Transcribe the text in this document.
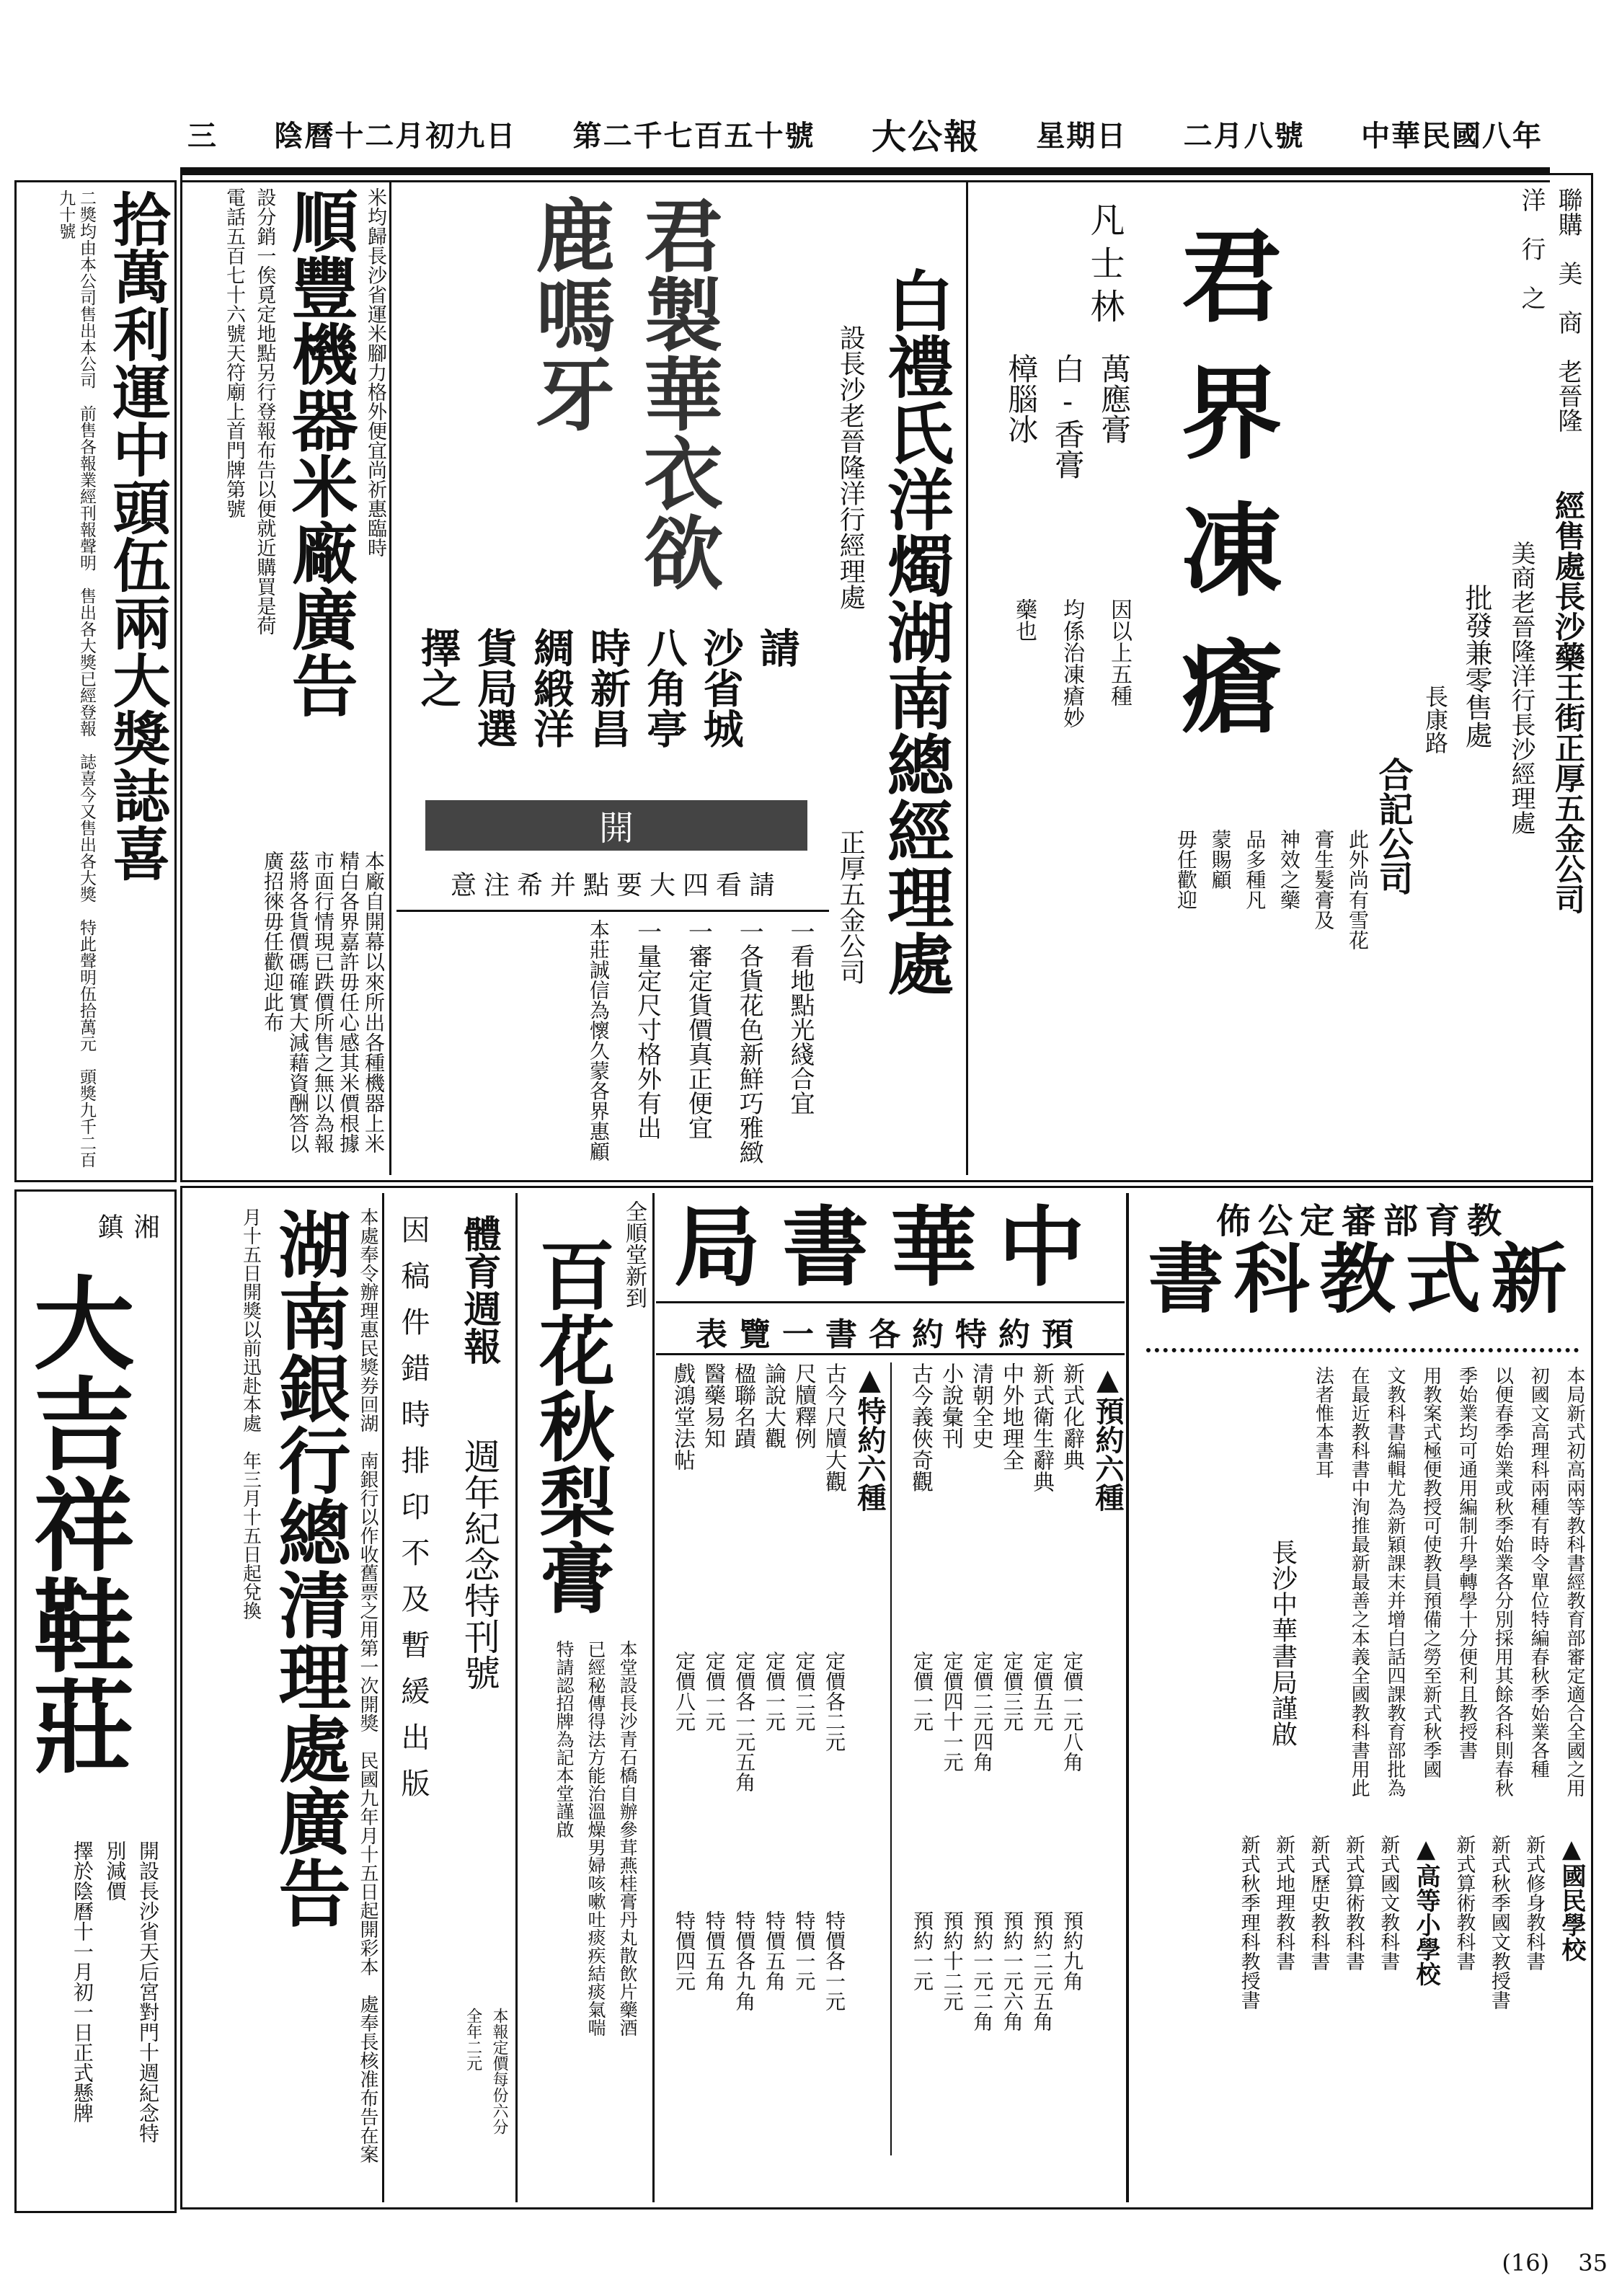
中華民國八年
二月八號
星期日
大公報
第二千七百五十號
陰曆十二月初九日
三
拾萬利運中頭伍兩大獎誌喜
二獎均由本公司售出本公司　前售各報業經刊報聲明　售出各大獎已經登報　誌喜今又售出各大獎　特此聲明伍拾萬元　頭獎九千二百九十號
湘
鎮
大吉祥鞋莊
開設長沙省天后宮對門十週紀念特
別減價
擇於陰曆十一月初一日正式懸牌
米均歸長沙省運米腳力格外便宜尚祈惠臨時
順豐機器米廠廣告
設分銷一俟覓定地點另行登報布告以便就近購買是荷
電話五百七十六號天符廟上首門牌第號
本廠自開幕以來所出各種機器上米精白各界嘉許毋任心感其米價根據市面行情現已跌價所售之無以為報茲將各貨價碼確實大減藉資酬答以廣招徠毋任歡迎此布
君製華衣欲
鹿嗎牙
請
沙省城
八角亭
時新昌
綢緞洋
貨局選
擇之
開
請看四大要點并希注意
一看地點光綫合宜
一各貨花色新鮮巧雅緻
一審定貨價真正便宜
一量定尺寸格外有出
本莊誠信為懷久蒙各界惠顧
白禮氏洋燭湖南總經理處
設長沙老晉隆洋行經理處
正厚五金公司
凡士林
萬應膏
白-香膏
樟腦冰
因以上五種
均係治凍瘡妙
藥也 君界凍瘡
聯購　美　商　老晉隆　洋　行　之
經售處長沙藥王街正厚五金公司
美商老晉隆洋行長沙經理處
批發兼零售處
長康路
合記公司
此外尚有雪花
膏生髮膏及
神效之藥
品多種凡
蒙賜顧
毋任歡迎
本處奉令辦理惠民獎券回湖　南銀行以作收舊票之用第一次開獎　民國九年月十五日起開彩本　處奉長核准布告在案
湖南銀行總清理處廣告
月十五日開獎以前迅赴本處　年三月十五日起兌換
體育週報
週年紀念特刊號
因稿件錯時排印不及暫緩出版
本報定價每份六分
全年二元
全順堂新到
百花秋梨膏
本堂設長沙青石橋自辦參茸燕桂膏丹丸散飲片藥酒
已經秘傳得法方能治溫燥男婦咳嗽吐痰疾結痰氣喘
特請認招牌為記本堂謹啟
中華書局
預約特約各書一覽表
▲預約六種
新式化辭典
新式衛生辭典
中外地理全
清朝全史
小說彙刊
古今義俠奇觀
定價一元八角
定價五元
定價三元
定價二元四角
定價四十一元
定價一元
預約九角
預約二元五角
預約一元六角
預約一元二角
預約十二元
預約一元
▲特約六種
古今尺牘大觀
尺牘釋例
論說大觀
楹聯名蹟
醫藥易知
戲鴻堂法帖
定價各二元
定價二元
定價一元
定價各一元五角
定價一元
定價八元
特價各一元
特價一元
特價五角
特價各九角
特價五角
特價四元
教育部審定公佈
新式教科書
本局新式初高兩等教科書經教育部審定適合全國之用
初國文高理科兩種有時令單位特編春秋季始業各種
以便春季始業或秋季始業各分別採用其餘各科則春秋
季始業均可通用編制升學轉學十分便利且教授書
用教案式極便教授可使教員預備之勞至新式秋季國
文教科書編輯尤為新穎課末并增白話四課教育部批為
在最近教科書中洵推最新最善之本義全國教科書用此
法者惟本書耳
長沙中華書局謹啟
▲國民學校
新式修身教科書
新式秋季國文教授書
新式算術教科書
▲高等小學校
新式國文教科書
新式算術教科書
新式歷史教科書
新式地理教科書
新式秋季理科教授書
(16) 35
